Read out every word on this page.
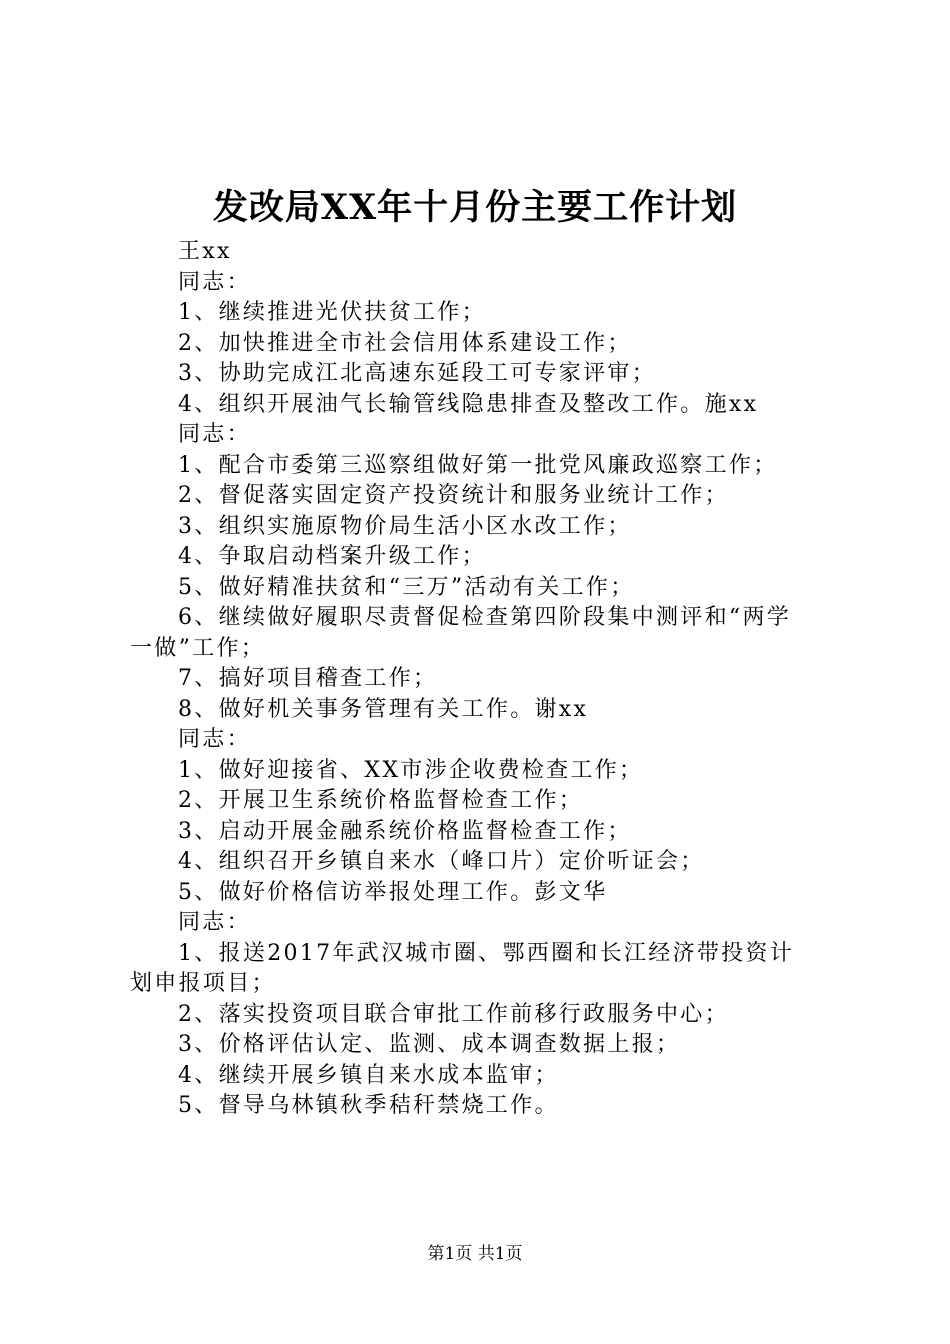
发改局XX年十月份主要工作计划

王xx

同志：

1、继续推进光伏扶贫工作；

2、加快推进全市社会信用体系建设工作；

3、协助完成江北高速东延段工可专家评审；

4、组织开展油气长输管线隐患排查及整改工作。施xx

同志：

1、配合市委第三巡察组做好第一批党风廉政巡察工作；

2、督促落实固定资产投资统计和服务业统计工作；

3、组织实施原物价局生活小区水改工作；

4、争取启动档案升级工作；

5、做好精准扶贫和“三万”活动有关工作；

6、继续做好履职尽责督促检查第四阶段集中测评和“两学

一做”工作；

7、搞好项目稽查工作；

8、做好机关事务管理有关工作。谢xx

同志：

1、做好迎接省、XX市涉企收费检查工作；

2、开展卫生系统价格监督检查工作；

3、启动开展金融系统价格监督检查工作；

4、组织召开乡镇自来水（峰口片）定价听证会；

5、做好价格信访举报处理工作。彭文华

同志：

1、报送2017年武汉城市圈、鄂西圈和长江经济带投资计

划申报项目；

2、落实投资项目联合审批工作前移行政服务中心；

3、价格评估认定、监测、成本调查数据上报；

4、继续开展乡镇自来水成本监审；

5、督导乌林镇秋季秸秆禁烧工作。

第1页 共1页
